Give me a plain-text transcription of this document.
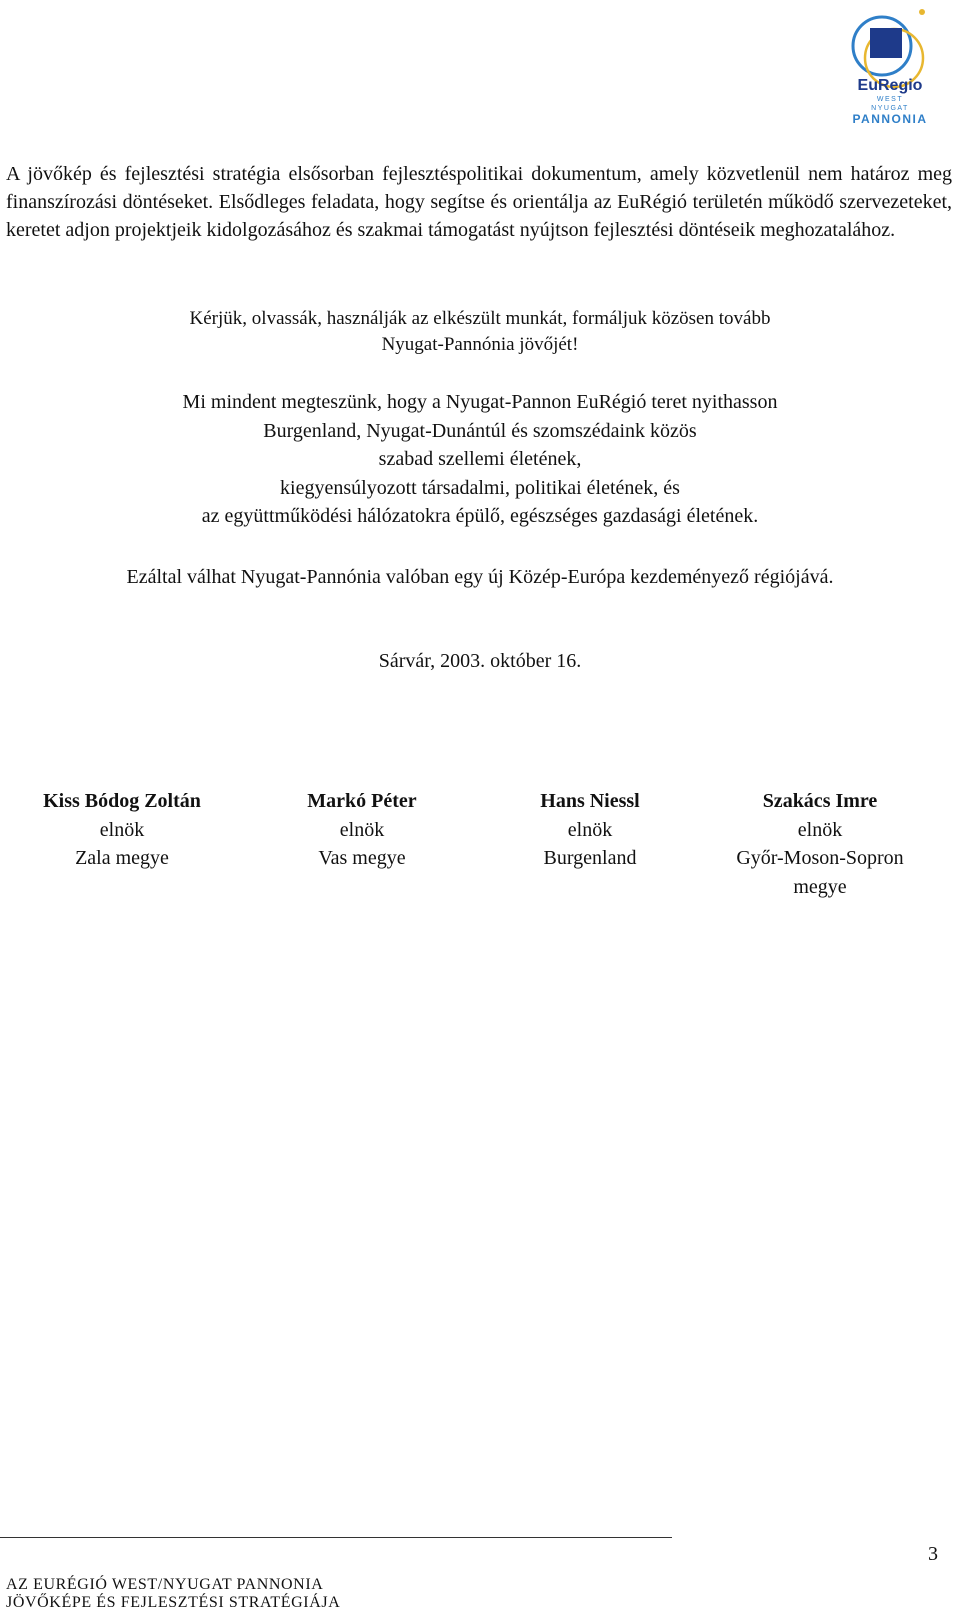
EuRegio
WEST
NYUGAT
PANNONIA

A jövőkép és fejlesztési stratégia elsősorban fejlesztéspolitikai dokumentum, amely közvetlenül nem határoz meg finanszírozási döntéseket. Elsődleges feladata, hogy segítse és orientálja az EuRégió területén működő szervezeteket, keretet adjon projektjeik kidolgozásához és szakmai támogatást nyújtson fejlesztési döntéseik meghozatalához.

Kérjük, olvassák, használják az elkészült munkát, formáljuk közösen tovább
Nyugat-Pannónia jövőjét!

Mi mindent megteszünk, hogy a Nyugat-Pannon EuRégió teret nyithasson
Burgenland, Nyugat-Dunántúl és szomszédaink közös
szabad szellemi életének,
kiegyensúlyozott társadalmi, politikai életének, és
az együttműködési hálózatokra épülő, egészséges gazdasági életének.

Ezáltal válhat Nyugat-Pannónia valóban egy új Közép-Európa kezdeményező régiójává.

Sárvár, 2003. október 16.

Kiss Bódog Zoltán
elnök
Zala megye
Markó Péter
elnök
Vas megye
Hans Niessl
elnök
Burgenland
Szakács Imre
elnök
Győr-Moson-Sopron
megye
3
AZ EURÉGIÓ WEST/NYUGAT PANNONIA
JÖVŐKÉPE ÉS FEJLESZTÉSI STRATÉGIÁJA
